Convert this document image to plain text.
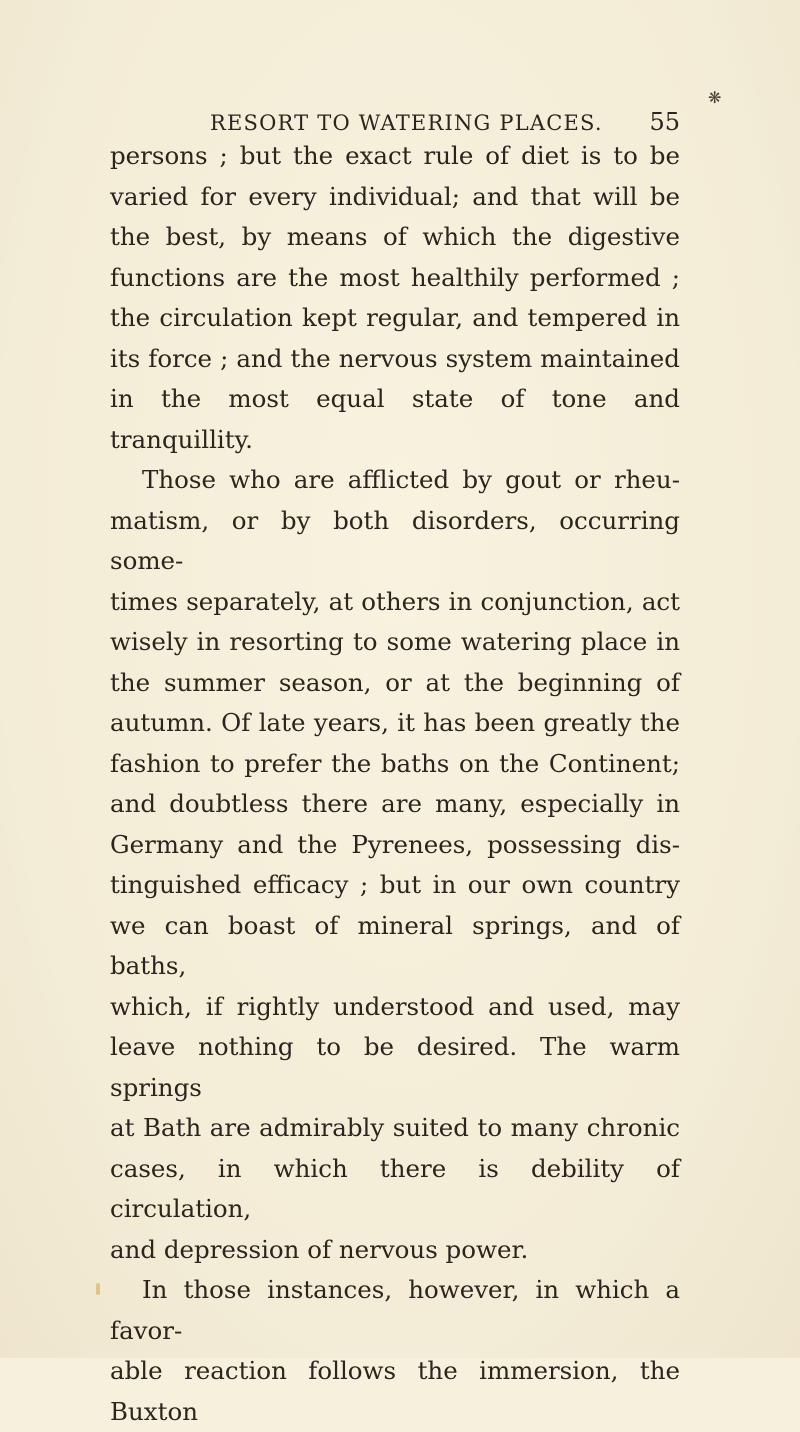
❋
RESORT TO WATERING PLACES. 55

persons ; but the exact rule of diet is to be

varied for every individual; and that will be

the best, by means of which the digestive

functions are the most healthily performed ;

the circulation kept regular, and tempered in

its force ; and the nervous system maintained

in the most equal state of tone and tranquillity.

Those who are afflicted by gout or rheu-

matism, or by both disorders, occurring some-

times separately, at others in conjunction, act

wisely in resorting to some watering place in

the summer season, or at the beginning of

autumn. Of late years, it has been greatly the

fashion to prefer the baths on the Continent;

and doubtless there are many, especially in

Germany and the Pyrenees, possessing dis-

tinguished efficacy ; but in our own country

we can boast of mineral springs, and of baths,

which, if rightly understood and used, may

leave nothing to be desired. The warm springs

at Bath are admirably suited to many chronic

cases, in which there is debility of circulation,

and depression of nervous power.

In those instances, however, in which a favor-

able reaction follows the immersion, the Buxton
